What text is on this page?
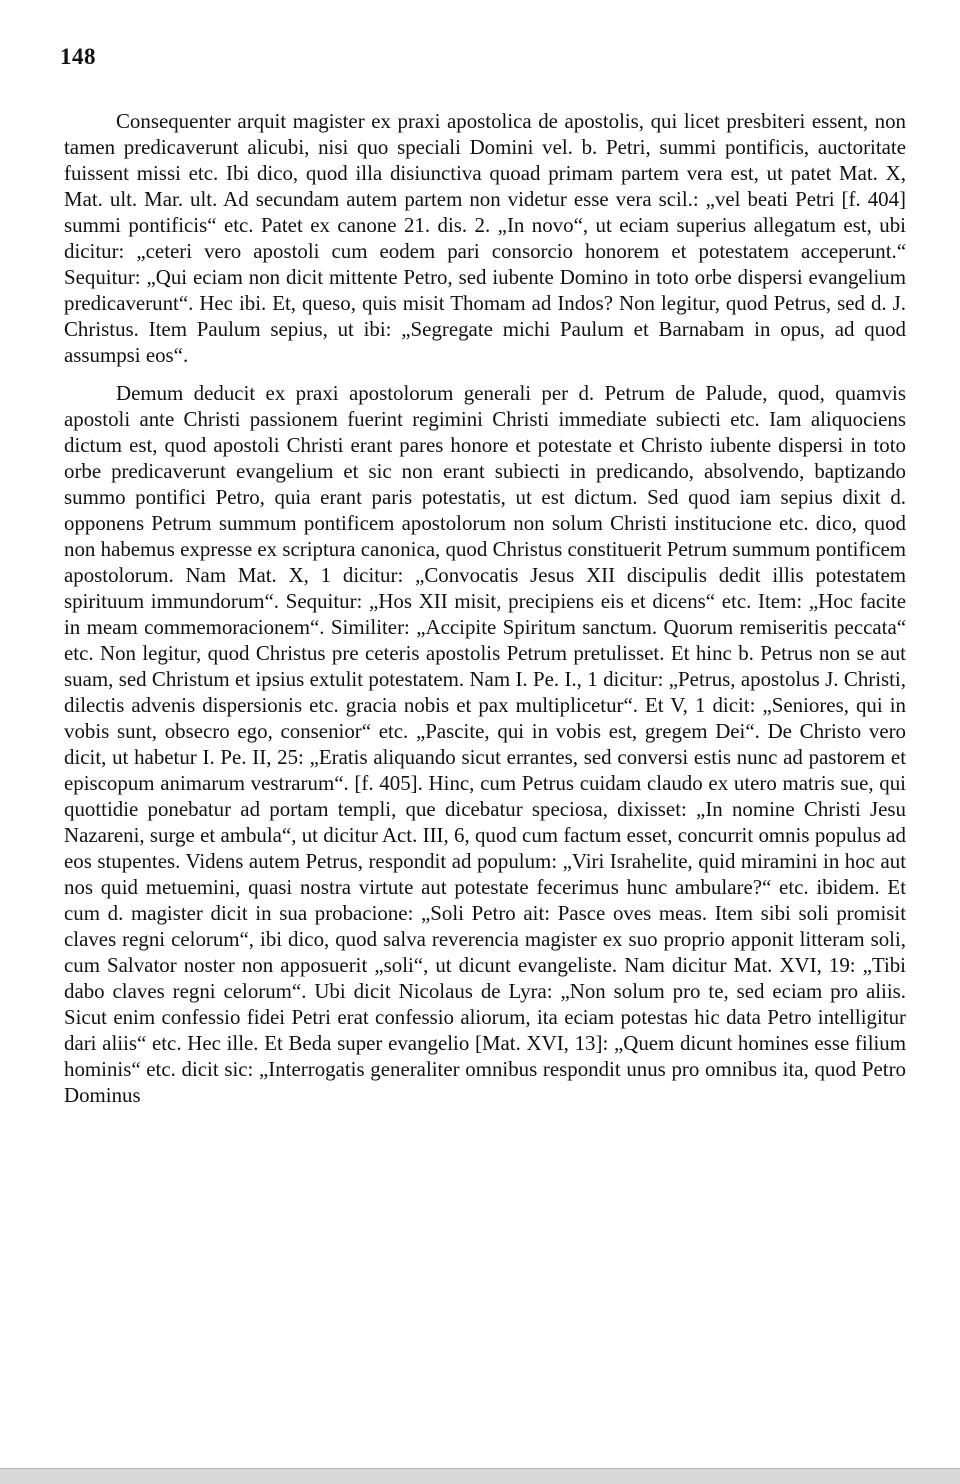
148

Consequenter arquit magister ex praxi apostolica de apostolis, qui licet presbiteri essent, non tamen predicaverunt alicubi, nisi quo speciali Domini vel. b. Petri, summi pontificis, auctoritate fuissent missi etc. Ibi dico, quod illa disiunctiva quoad primam partem vera est, ut patet Mat. X, Mat. ult. Mar. ult. Ad secundam autem partem non videtur esse vera scil.: „vel beati Petri [f. 404] summi pontificis“ etc. Patet ex canone 21. dis. 2. „In novo“, ut eciam superius allegatum est, ubi dicitur: „ceteri vero apostoli cum eodem pari consorcio honorem et potestatem acceperunt.“ Sequitur: „Qui eciam non dicit mittente Petro, sed iubente Domino in toto orbe dispersi evangelium predicaverunt“. Hec ibi. Et, queso, quis misit Thomam ad Indos? Non legitur, quod Petrus, sed d. J. Christus. Item Paulum sepius, ut ibi: „Segregate michi Paulum et Barnabam in opus, ad quod assumpsi eos“.

Demum deducit ex praxi apostolorum generali per d. Petrum de Palude, quod, quamvis apostoli ante Christi passionem fuerint regimini Christi immediate subiecti etc. Iam aliquociens dictum est, quod apostoli Christi erant pares honore et potestate et Christo iubente dispersi in toto orbe predicaverunt evangelium et sic non erant subiecti in predicando, absolvendo, baptizando summo pontifici Petro, quia erant paris potestatis, ut est dictum. Sed quod iam sepius dixit d. opponens Petrum summum pontificem apostolorum non solum Christi institucione etc. dico, quod non habemus expresse ex scriptura canonica, quod Christus constituerit Petrum summum pontificem apostolorum. Nam Mat. X, 1 dicitur: „Convocatis Jesus XII discipulis dedit illis potestatem spirituum immundorum“. Sequitur: „Hos XII misit, precipiens eis et dicens“ etc. Item: „Hoc facite in meam commemoracionem“. Similiter: „Accipite Spiritum sanctum. Quorum remiseritis peccata“ etc. Non legitur, quod Christus pre ceteris apostolis Petrum pretulisset. Et hinc b. Petrus non se aut suam, sed Christum et ipsius extulit potestatem. Nam I. Pe. I., 1 dicitur: „Petrus, apostolus J. Christi, dilectis advenis dispersionis etc. gracia nobis et pax multiplicetur“. Et V, 1 dicit: „Seniores, qui in vobis sunt, obsecro ego, consenior“ etc. „Pascite, qui in vobis est, gregem Dei“. De Christo vero dicit, ut habetur I. Pe. II, 25: „Eratis aliquando sicut errantes, sed conversi estis nunc ad pastorem et episcopum animarum vestrarum“. [f. 405]. Hinc, cum Petrus cuidam claudo ex utero matris sue, qui quottidie ponebatur ad portam templi, que dicebatur speciosa, dixisset: „In nomine Christi Jesu Nazareni, surge et ambula“, ut dicitur Act. III, 6, quod cum factum esset, concurrit omnis populus ad eos stupentes. Videns autem Petrus, respondit ad populum: „Viri Israhelite, quid miramini in hoc aut nos quid metuemini, quasi nostra virtute aut potestate fecerimus hunc ambulare?“ etc. ibidem. Et cum d. magister dicit in sua probacione: „Soli Petro ait: Pasce oves meas. Item sibi soli promisit claves regni celorum“, ibi dico, quod salva reverencia magister ex suo proprio apponit litteram soli, cum Salvator noster non apposuerit „soli“, ut dicunt evangeliste. Nam dicitur Mat. XVI, 19: „Tibi dabo claves regni celorum“. Ubi dicit Nicolaus de Lyra: „Non solum pro te, sed eciam pro aliis. Sicut enim confessio fidei Petri erat confessio aliorum, ita eciam potestas hic data Petro intelligitur dari aliis“ etc. Hec ille. Et Beda super evangelio [Mat. XVI, 13]: „Quem dicunt homines esse filium hominis“ etc. dicit sic: „Interrogatis generaliter omnibus respondit unus pro omnibus ita, quod Petro Dominus
